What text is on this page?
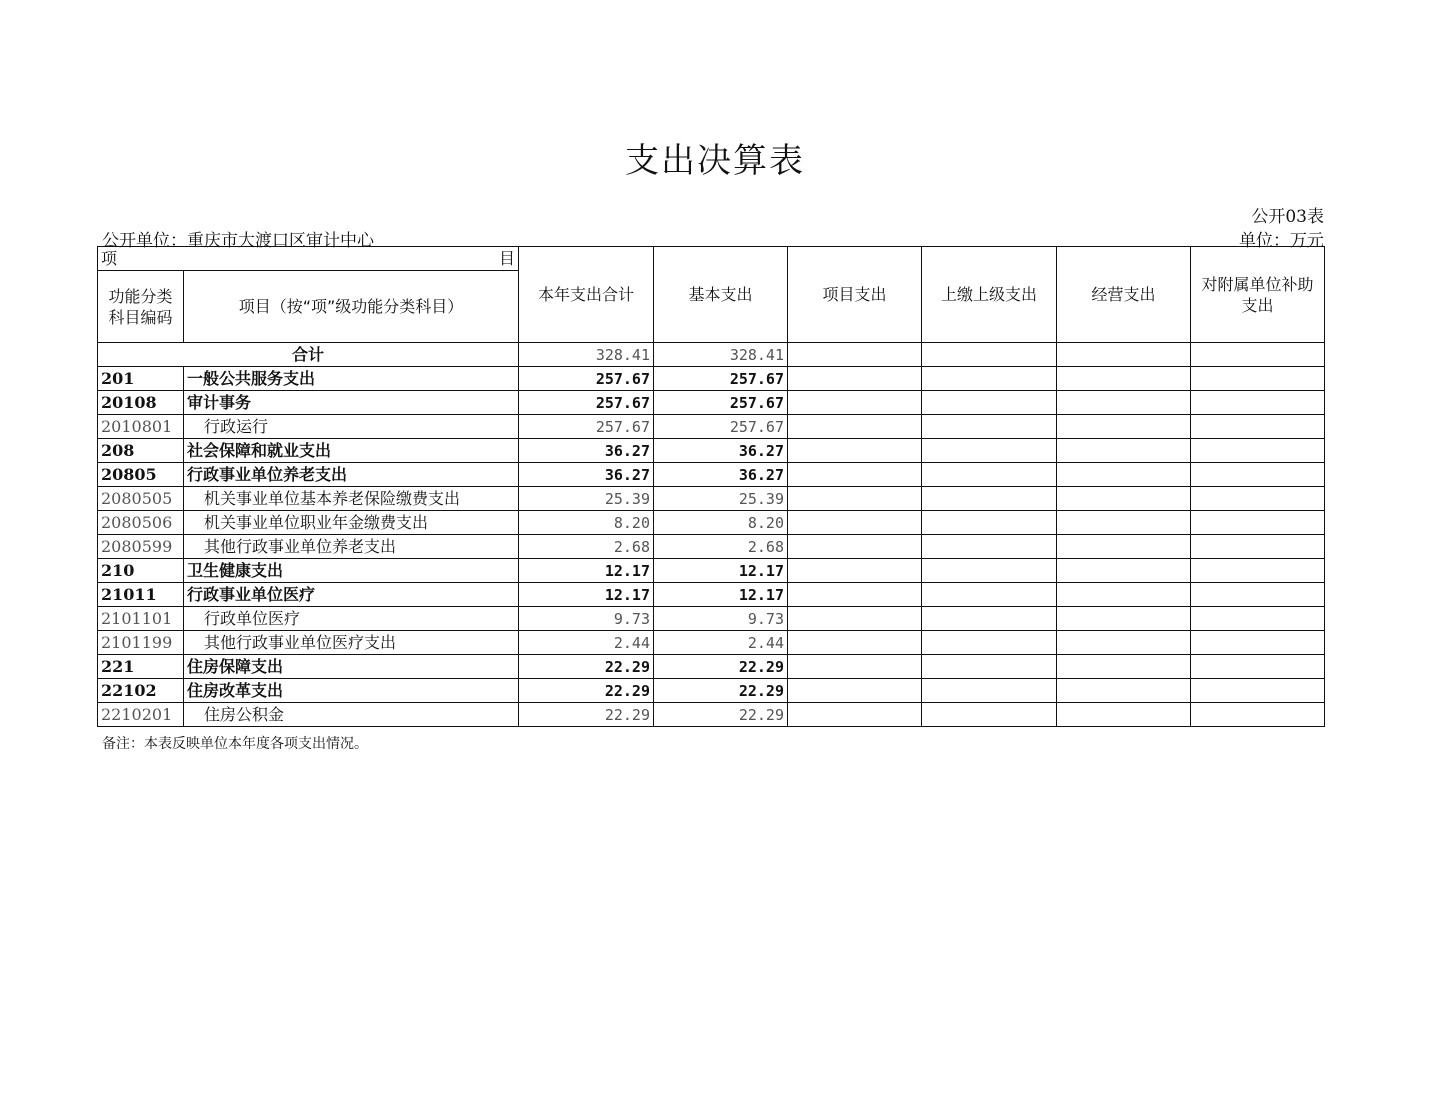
支出决算表
公开03表
公开单位：重庆市大渡口区审计中心	单位：万元
项 目		本年支出合计	基本支出	项目支出	上缴上级支出	经营支出	对附属单位补助支出
功能分类科目编码	项目（按“项”级功能分类科目）						
合计		328.41	328.41				
201	一般公共服务支出	257.67	257.67				
20108	审计事务	257.67	257.67				
2010801	行政运行	257.67	257.67				
208	社会保障和就业支出	36.27	36.27				
20805	行政事业单位养老支出	36.27	36.27				
2080505	机关事业单位基本养老保险缴费支出	25.39	25.39				
2080506	机关事业单位职业年金缴费支出	8.20	8.20				
2080599	其他行政事业单位养老支出	2.68	2.68				
210	卫生健康支出	12.17	12.17				
21011	行政事业单位医疗	12.17	12.17				
2101101	行政单位医疗	9.73	9.73				
2101199	其他行政事业单位医疗支出	2.44	2.44				
221	住房保障支出	22.29	22.29				
22102	住房改革支出	22.29	22.29				
2210201	住房公积金	22.29	22.29				
备注：本表反映单位本年度各项支出情况。
